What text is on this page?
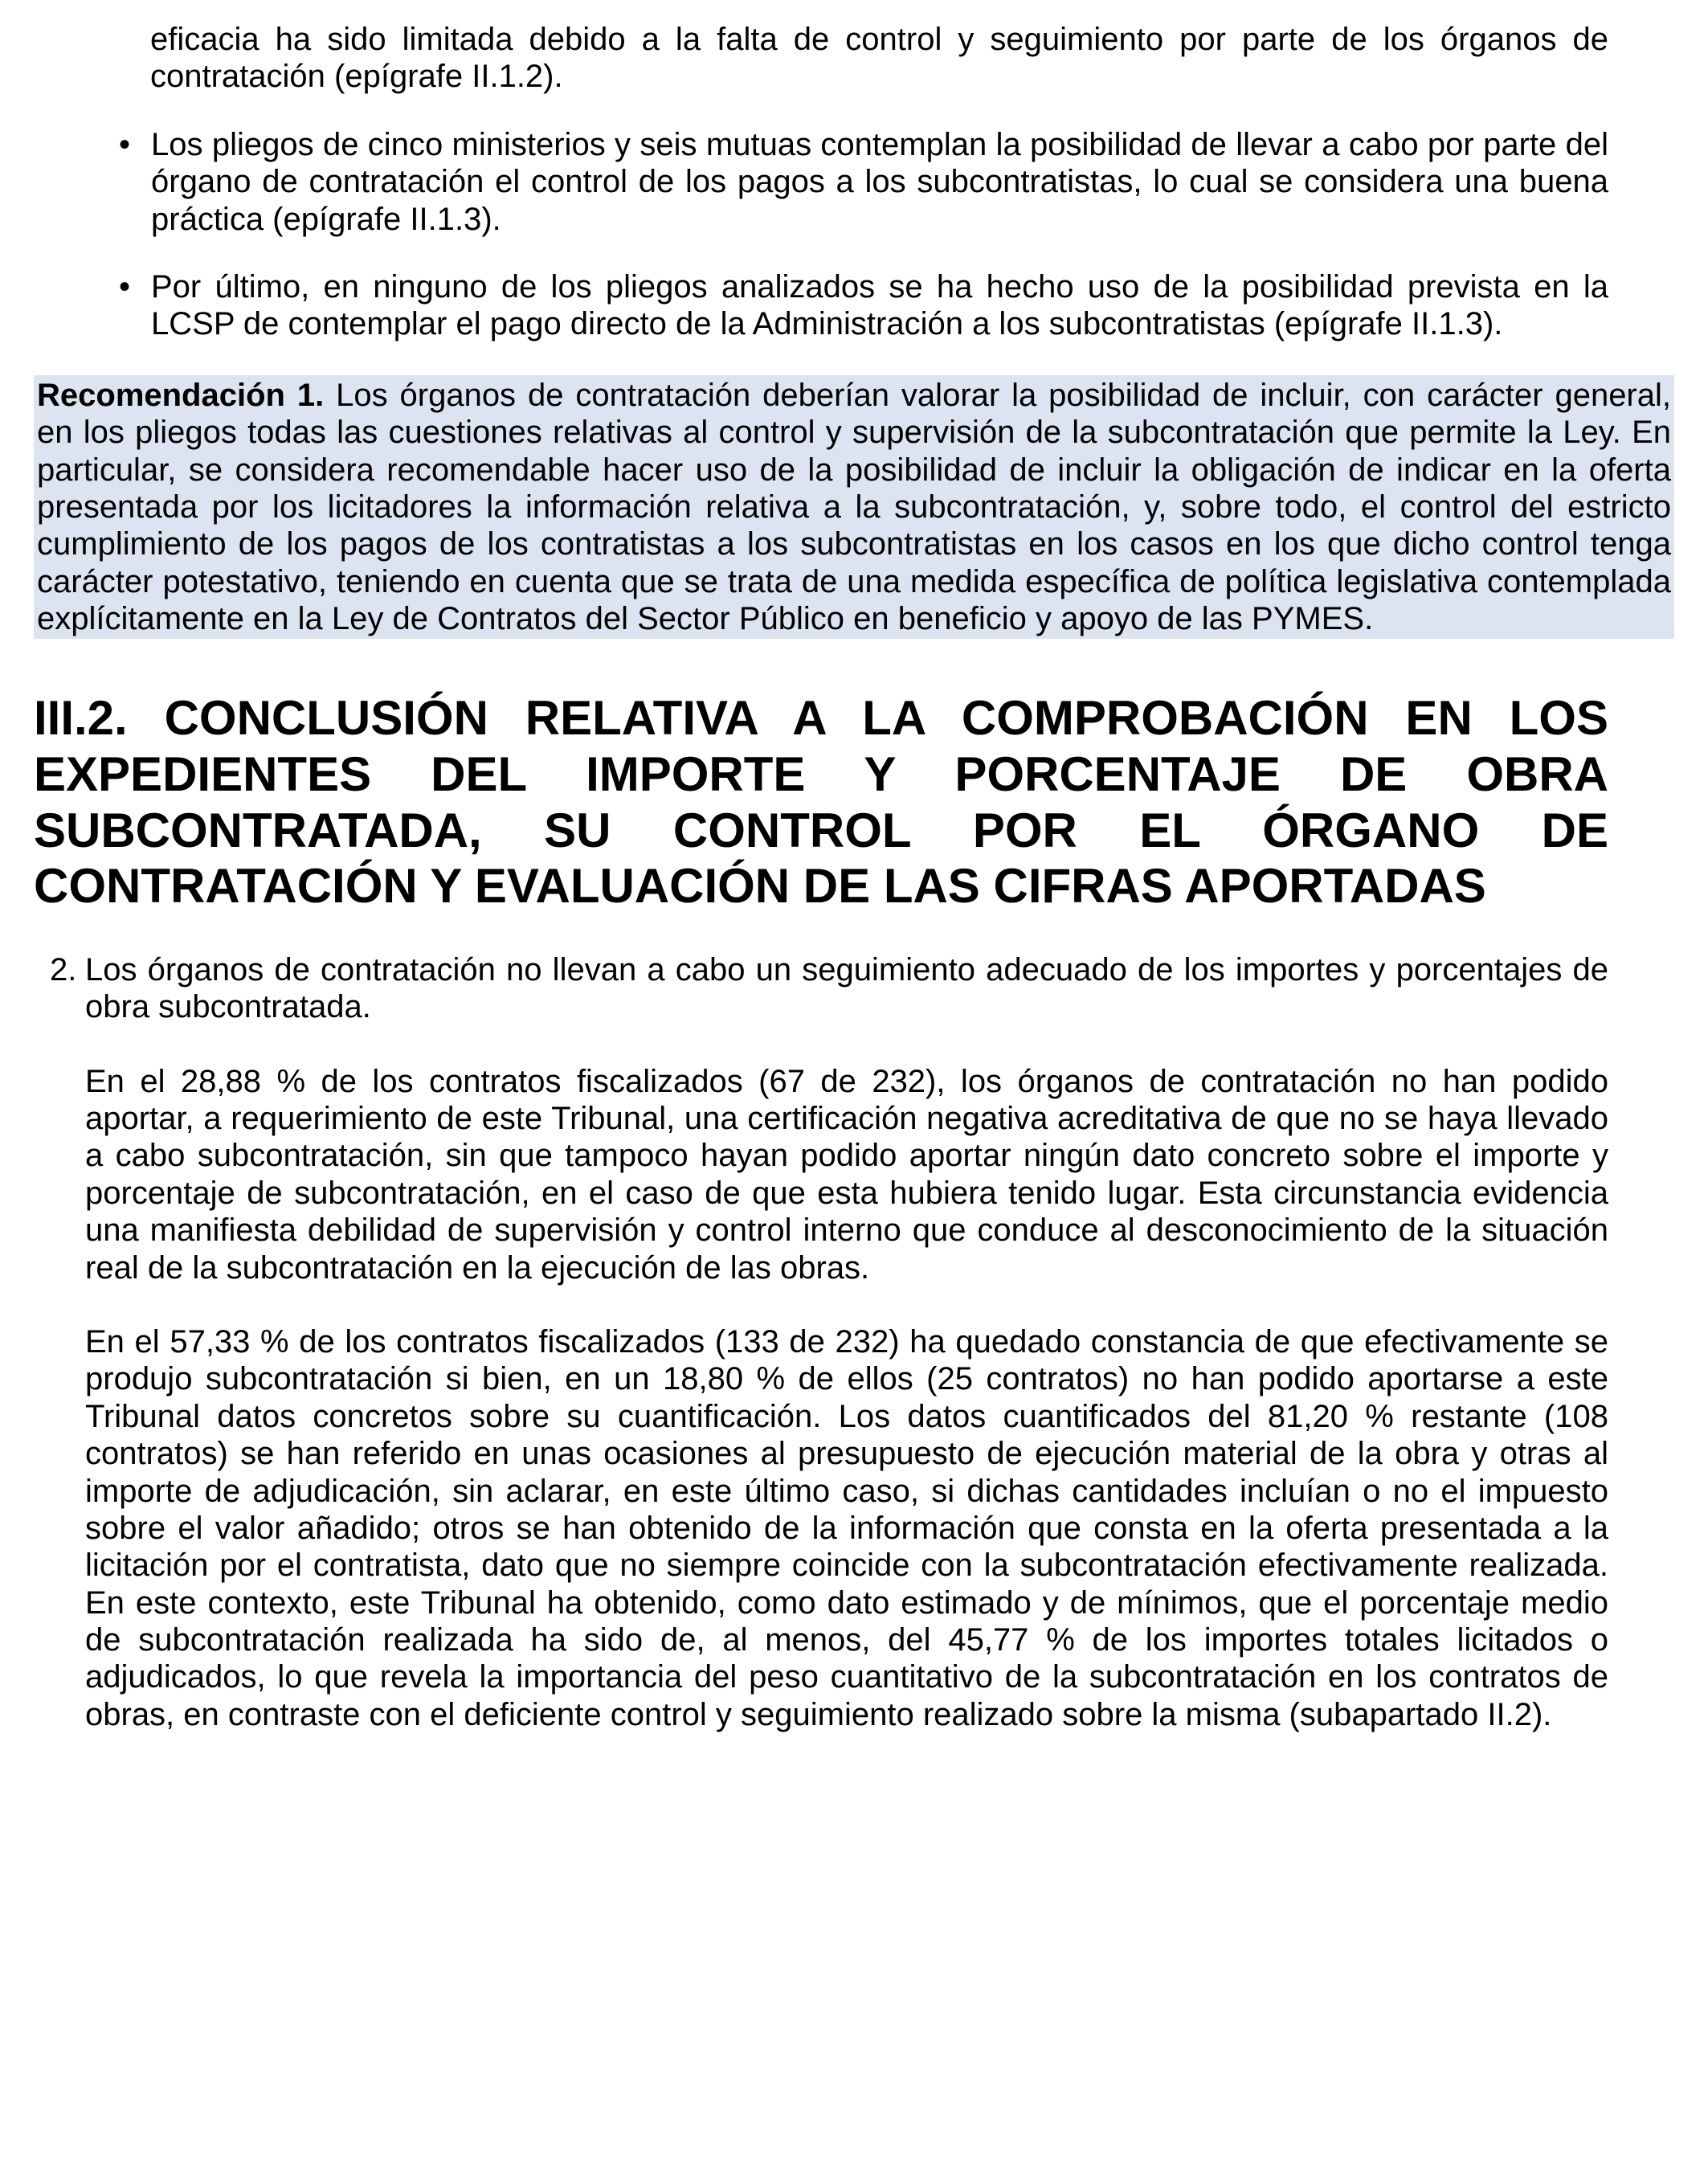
eficacia ha sido limitada debido a la falta de control y seguimiento por parte de los órganos de contratación (epígrafe II.1.2).

• Los pliegos de cinco ministerios y seis mutuas contemplan la posibilidad de llevar a cabo por parte del órgano de contratación el control de los pagos a los subcontratistas, lo cual se considera una buena práctica (epígrafe II.1.3).
• Por último, en ninguno de los pliegos analizados se ha hecho uso de la posibilidad prevista en la LCSP de contemplar el pago directo de la Administración a los subcontratistas (epígrafe II.1.3).

Recomendación 1. Los órganos de contratación deberían valorar la posibilidad de incluir, con carácter general, en los pliegos todas las cuestiones relativas al control y supervisión de la subcontratación que permite la Ley. En particular, se considera recomendable hacer uso de la posibilidad de incluir la obligación de indicar en la oferta presentada por los licitadores la información relativa a la subcontratación, y, sobre todo, el control del estricto cumplimiento de los pagos de los contratistas a los subcontratistas en los casos en los que dicho control tenga carácter potestativo, teniendo en cuenta que se trata de una medida específica de política legislativa contemplada explícitamente en la Ley de Contratos del Sector Público en beneficio y apoyo de las PYMES.

III.2. CONCLUSIÓN RELATIVA A LA COMPROBACIÓN EN LOS EXPEDIENTES DEL IMPORTE Y PORCENTAJE DE OBRA SUBCONTRATADA, SU CONTROL POR EL ÓRGANO DE CONTRATACIÓN Y EVALUACIÓN DE LAS CIFRAS APORTADAS
2. Los órganos de contratación no llevan a cabo un seguimiento adecuado de los importes y porcentajes de obra subcontratada.

En el 28,88 % de los contratos fiscalizados (67 de 232), los órganos de contratación no han podido aportar, a requerimiento de este Tribunal, una certificación negativa acreditativa de que no se haya llevado a cabo subcontratación, sin que tampoco hayan podido aportar ningún dato concreto sobre el importe y porcentaje de subcontratación, en el caso de que esta hubiera tenido lugar. Esta circunstancia evidencia una manifiesta debilidad de supervisión y control interno que conduce al desconocimiento de la situación real de la subcontratación en la ejecución de las obras.

En el 57,33 % de los contratos fiscalizados (133 de 232) ha quedado constancia de que efectivamente se produjo subcontratación si bien, en un 18,80 % de ellos (25 contratos) no han podido aportarse a este Tribunal datos concretos sobre su cuantificación. Los datos cuantificados del 81,20 % restante (108 contratos) se han referido en unas ocasiones al presupuesto de ejecución material de la obra y otras al importe de adjudicación, sin aclarar, en este último caso, si dichas cantidades incluían o no el impuesto sobre el valor añadido; otros se han obtenido de la información que consta en la oferta presentada a la licitación por el contratista, dato que no siempre coincide con la subcontratación efectivamente realizada. En este contexto, este Tribunal ha obtenido, como dato estimado y de mínimos, que el porcentaje medio de subcontratación realizada ha sido de, al menos, del 45,77 % de los importes totales licitados o adjudicados, lo que revela la importancia del peso cuantitativo de la subcontratación en los contratos de obras, en contraste con el deficiente control y seguimiento realizado sobre la misma (subapartado II.2).
